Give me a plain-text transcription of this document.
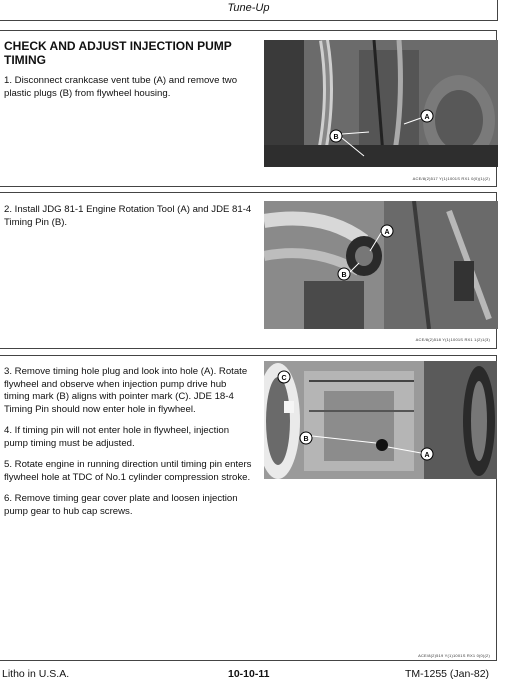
Tune-Up
CHECK AND ADJUST INJECTION PUMP TIMING

1. Disconnect crankcase vent tube (A) and remove two plastic plugs (B) from flywheel housing.

B
A
ACE/8(2)517 Y(1)1001S RX1 0(0)(1)(2)

2. Install JDG 81-1 Engine Rotation Tool (A) and JDE 81-4 Timing Pin (B).

A
B
ACE/8(2)518 Y(1)1001S RX1 1(2)1(3)

3. Remove timing hole plug and look into hole (A). Rotate flywheel and observe when injection pump drive hub timing mark (B) aligns with pointer mark (C). JDE 18-4 Timing Pin should now enter hole in flywheel.

4. If timing pin will not enter hole in flywheel, injection pump timing must be adjusted.

5. Rotate engine in running direction until timing pin enters flywheel hole at TDC of No.1 cylinder compression stroke.

6. Remove timing gear cover plate and loosen injection pump gear to hub cap screws.

C
B
A
ACE/8(2)519 Y(1)1001S RX1 0(0)(2)
Litho in U.S.A.	10-10-11	TM-1255 (Jan-82)
